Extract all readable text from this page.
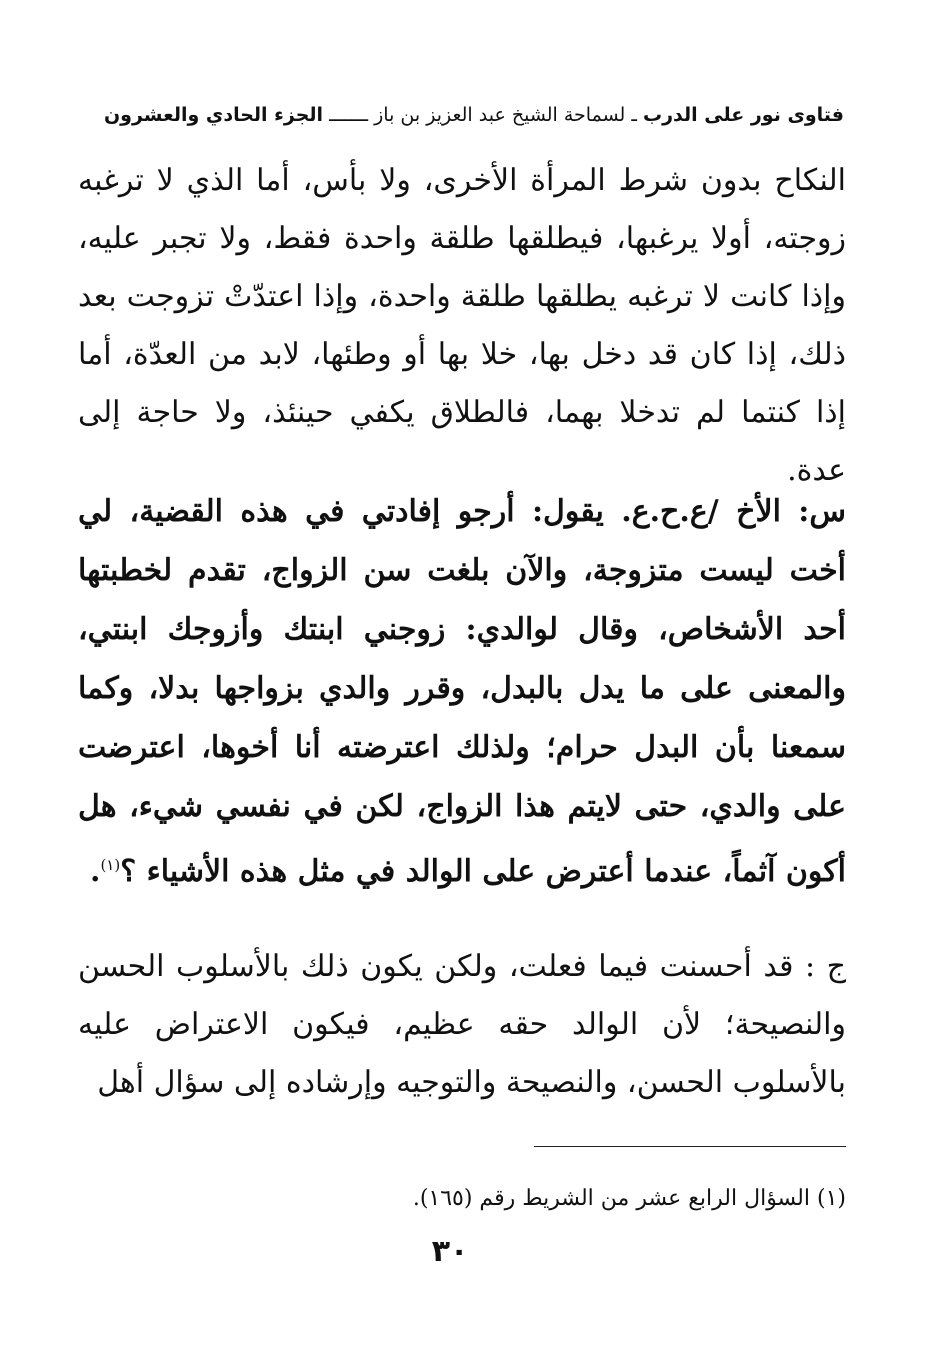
فتاوى نور على الدرب ـ لسماحة الشيخ عبد العزيز بن باز ـــــــ الجزء الحادي والعشرون
النكاح بدون شرط المرأة الأخرى، ولا بأس، أما الذي لا ترغبه زوجته، أولا يرغبها، فيطلقها طلقة واحدة فقط، ولا تجبر عليه، وإذا كانت لا ترغبه يطلقها طلقة واحدة، وإذا اعتدّتْ تزوجت بعد ذلك، إذا كان قد دخل بها، خلا بها أو وطئها، لابد من العدّة، أما إذا كنتما لم تدخلا بهما، فالطلاق يكفي حينئذ، ولا حاجة إلى عدة.
س: الأخ /ع.ح.ع. يقول: أرجو إفادتي في هذه القضية، لي أخت ليست متزوجة، والآن بلغت سن الزواج، تقدم لخطبتها أحد الأشخاص، وقال لوالدي: زوجني ابنتك وأزوجك ابنتي، والمعنى على ما يدل بالبدل، وقرر والدي بزواجها بدلا، وكما سمعنا بأن البدل حرام؛ ولذلك اعترضته أنا أخوها، اعترضت على والدي، حتى لايتم هذا الزواج، لكن في نفسي شيء، هل أكون آثماً، عندما أعترض على الوالد في مثل هذه الأشياء ؟$^{(١)}$.
ج : قد أحسنت فيما فعلت، ولكن يكون ذلك بالأسلوب الحسن والنصيحة؛ لأن الوالد حقه عظيم، فيكون الاعتراض عليه بالأسلوب الحسن، والنصيحة والتوجيه وإرشاده إلى سؤال أهل
(١) السؤال الرابع عشر من الشريط رقم (١٦٥).
٣٠
